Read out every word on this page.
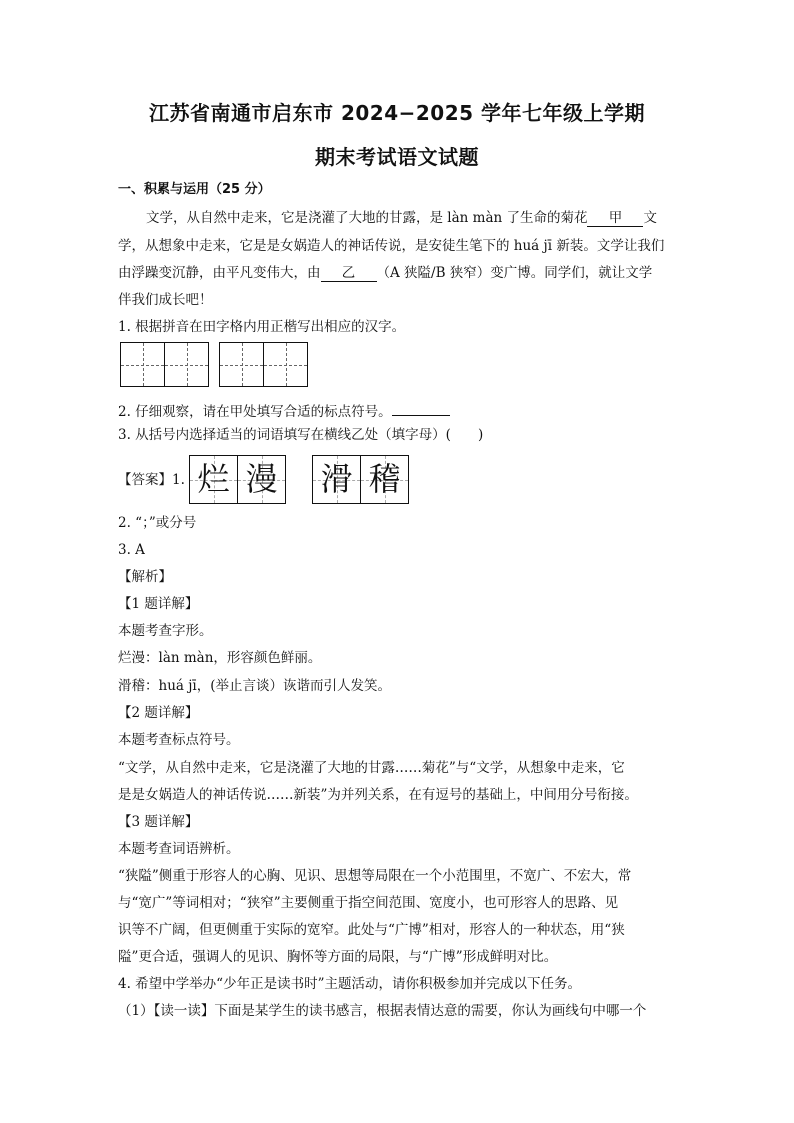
江苏省南通市启东市 2024−2025 学年七年级上学期
期末考试语文试题
一、积累与运用（25 分）
文学，从自然中走来，它是浇灌了大地的甘露，是 làn màn 了生命的菊花 甲 文
学，从想象中走来，它是是女娲造人的神话传说，是安徒生笔下的 huá jī 新装。文学让我们
由浮躁变沉静，由平凡变伟大，由 乙 （A 狭隘/B 狭窄）变广博。同学们，就让文学
伴我们成长吧！
1. 根据拼音在田字格内用正楷写出相应的汉字。
2. 仔细观察，请在甲处填写合适的标点符号。
3. 从括号内选择适当的词语填写在横线乙处（填字母）(　　)
【答案】1. 烂 漫 滑 稽
2. “；”或分号
3. A
【解析】
【1 题详解】
本题考查字形。
烂漫：làn màn，形容颜色鲜丽。
滑稽：huá jī，(举止言谈）诙谐而引人发笑。
【2 题详解】
本题考查标点符号。
“文学，从自然中走来，它是浇灌了大地的甘露……菊花”与“文学，从想象中走来，它
是是女娲造人的神话传说……新装”为并列关系，在有逗号的基础上，中间用分号衔接。
【3 题详解】
本题考查词语辨析。
“狭隘”侧重于形容人的心胸、见识、思想等局限在一个小范围里，不宽广、不宏大，常
与“宽广”等词相对；“狭窄”主要侧重于指空间范围、宽度小，也可形容人的思路、见
识等不广阔，但更侧重于实际的宽窄。此处与“广博”相对，形容人的一种状态，用“狭
隘”更合适，强调人的见识、胸怀等方面的局限，与“广博”形成鲜明对比。
4. 希望中学举办“少年正是读书时”主题活动，请你积极参加并完成以下任务。
（1）【读一读】下面是某学生的读书感言，根据表情达意的需要，你认为画线句中哪一个
